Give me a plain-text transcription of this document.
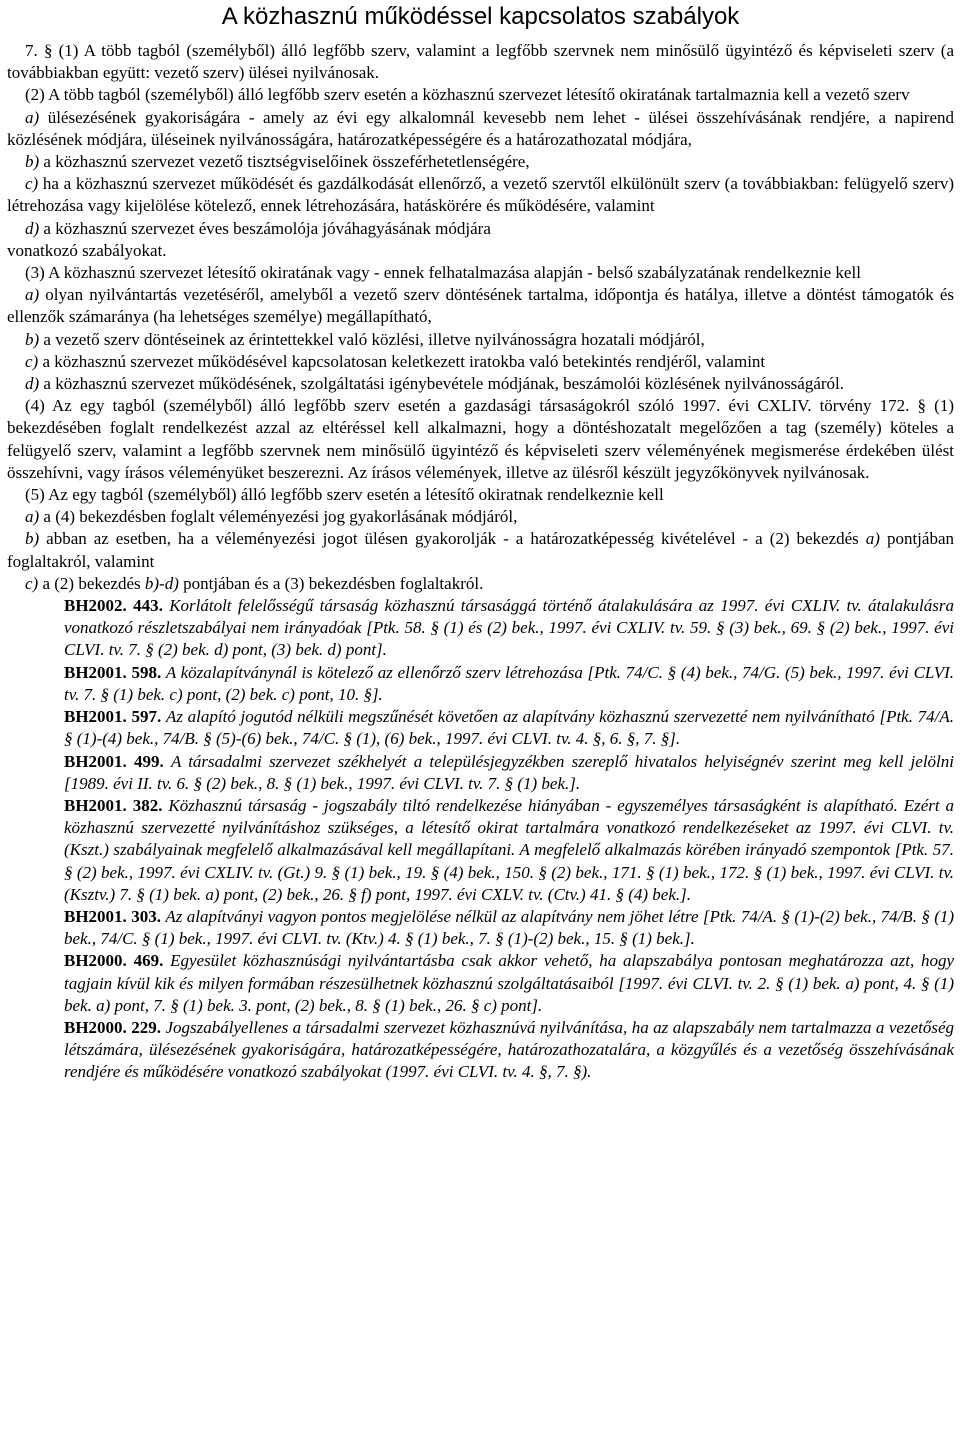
A közhasznú működéssel kapcsolatos szabályok

7. § (1) A több tagból (személyből) álló legfőbb szerv, valamint a legfőbb szervnek nem minősülő ügyintéző és képviseleti szerv (a továbbiakban együtt: vezető szerv) ülései nyilvánosak.

(2) A több tagból (személyből) álló legfőbb szerv esetén a közhasznú szervezet létesítő okiratának tartalmaznia kell a vezető szerv

a) ülésezésének gyakoriságára - amely az évi egy alkalomnál kevesebb nem lehet - ülései összehívásának rendjére, a napirend közlésének módjára, üléseinek nyilvánosságára, határozatképességére és a határozathozatal módjára,

b) a közhasznú szervezet vezető tisztségviselőinek összeférhetetlenségére,

c) ha a közhasznú szervezet működését és gazdálkodását ellenőrző, a vezető szervtől elkülönült szerv (a továbbiakban: felügyelő szerv) létrehozása vagy kijelölése kötelező, ennek létrehozására, hatáskörére és működésére, valamint

d) a közhasznú szervezet éves beszámolója jóváhagyásának módjára

vonatkozó szabályokat.

(3) A közhasznú szervezet létesítő okiratának vagy - ennek felhatalmazása alapján - belső szabályzatának rendelkeznie kell

a) olyan nyilvántartás vezetéséről, amelyből a vezető szerv döntésének tartalma, időpontja és hatálya, illetve a döntést támogatók és ellenzők számaránya (ha lehetséges személye) megállapítható,

b) a vezető szerv döntéseinek az érintettekkel való közlési, illetve nyilvánosságra hozatali módjáról,

c) a közhasznú szervezet működésével kapcsolatosan keletkezett iratokba való betekintés rendjéről, valamint

d) a közhasznú szervezet működésének, szolgáltatási igénybevétele módjának, beszámolói közlésének nyilvánosságáról.

(4) Az egy tagból (személyből) álló legfőbb szerv esetén a gazdasági társaságokról szóló 1997. évi CXLIV. törvény 172. § (1) bekezdésében foglalt rendelkezést azzal az eltéréssel kell alkalmazni, hogy a döntéshozatalt megelőzően a tag (személy) köteles a felügyelő szerv, valamint a legfőbb szervnek nem minősülő ügyintéző és képviseleti szerv véleményének megismerése érdekében ülést összehívni, vagy írásos véleményüket beszerezni. Az írásos vélemények, illetve az ülésről készült jegyzőkönyvek nyilvánosak.

(5) Az egy tagból (személyből) álló legfőbb szerv esetén a létesítő okiratnak rendelkeznie kell

a) a (4) bekezdésben foglalt véleményezési jog gyakorlásának módjáról,

b) abban az esetben, ha a véleményezési jogot ülésen gyakorolják - a határozatképesség kivételével - a (2) bekezdés a) pontjában foglaltakról, valamint

c) a (2) bekezdés b)-d) pontjában és a (3) bekezdésben foglaltakról.

BH2002. 443. Korlátolt felelősségű társaság közhasznú társasággá történő átalakulására az 1997. évi CXLIV. tv. átalakulásra vonatkozó részletszabályai nem irányadóak [Ptk. 58. § (1) és (2) bek., 1997. évi CXLIV. tv. 59. § (3) bek., 69. § (2) bek., 1997. évi CLVI. tv. 7. § (2) bek. d) pont, (3) bek. d) pont].

BH2001. 598. A közalapítványnál is kötelező az ellenőrző szerv létrehozása [Ptk. 74/C. § (4) bek., 74/G. (5) bek., 1997. évi CLVI. tv. 7. § (1) bek. c) pont, (2) bek. c) pont, 10. §].

BH2001. 597. Az alapító jogutód nélküli megszűnését követően az alapítvány közhasznú szervezetté nem nyilvánítható [Ptk. 74/A. § (1)-(4) bek., 74/B. § (5)-(6) bek., 74/C. § (1), (6) bek., 1997. évi CLVI. tv. 4. §, 6. §, 7. §].

BH2001. 499. A társadalmi szervezet székhelyét a településjegyzékben szereplő hivatalos helyiségnév szerint meg kell jelölni [1989. évi II. tv. 6. § (2) bek., 8. § (1) bek., 1997. évi CLVI. tv. 7. § (1) bek.].

BH2001. 382. Közhasznú társaság - jogszabály tiltó rendelkezése hiányában - egyszemélyes társaságként is alapítható. Ezért a közhasznú szervezetté nyilvánításhoz szükséges, a létesítő okirat tartalmára vonatkozó rendelkezéseket az 1997. évi CLVI. tv. (Kszt.) szabályainak megfelelő alkalmazásával kell megállapítani. A megfelelő alkalmazás körében irányadó szempontok [Ptk. 57. § (2) bek., 1997. évi CXLIV. tv. (Gt.) 9. § (1) bek., 19. § (4) bek., 150. § (2) bek., 171. § (1) bek., 172. § (1) bek., 1997. évi CLVI. tv. (Ksztv.) 7. § (1) bek. a) pont, (2) bek., 26. § f) pont, 1997. évi CXLV. tv. (Ctv.) 41. § (4) bek.].

BH2001. 303. Az alapítványi vagyon pontos megjelölése nélkül az alapítvány nem jöhet létre [Ptk. 74/A. § (1)-(2) bek., 74/B. § (1) bek., 74/C. § (1) bek., 1997. évi CLVI. tv. (Ktv.) 4. § (1) bek., 7. § (1)-(2) bek., 15. § (1) bek.].

BH2000. 469. Egyesület közhasznúsági nyilvántartásba csak akkor vehető, ha alapszabálya pontosan meghatározza azt, hogy tagjain kívül kik és milyen formában részesülhetnek közhasznú szolgáltatásaiból [1997. évi CLVI. tv. 2. § (1) bek. a) pont, 4. § (1) bek. a) pont, 7. § (1) bek. 3. pont, (2) bek., 8. § (1) bek., 26. § c) pont].

BH2000. 229. Jogszabályellenes a társadalmi szervezet közhasznúvá nyilvánítása, ha az alapszabály nem tartalmazza a vezetőség létszámára, ülésezésének gyakoriságára, határozatképességére, határozathozatalára, a közgyűlés és a vezetőség összehívásának rendjére és működésére vonatkozó szabályokat (1997. évi CLVI. tv. 4. §, 7. §).
